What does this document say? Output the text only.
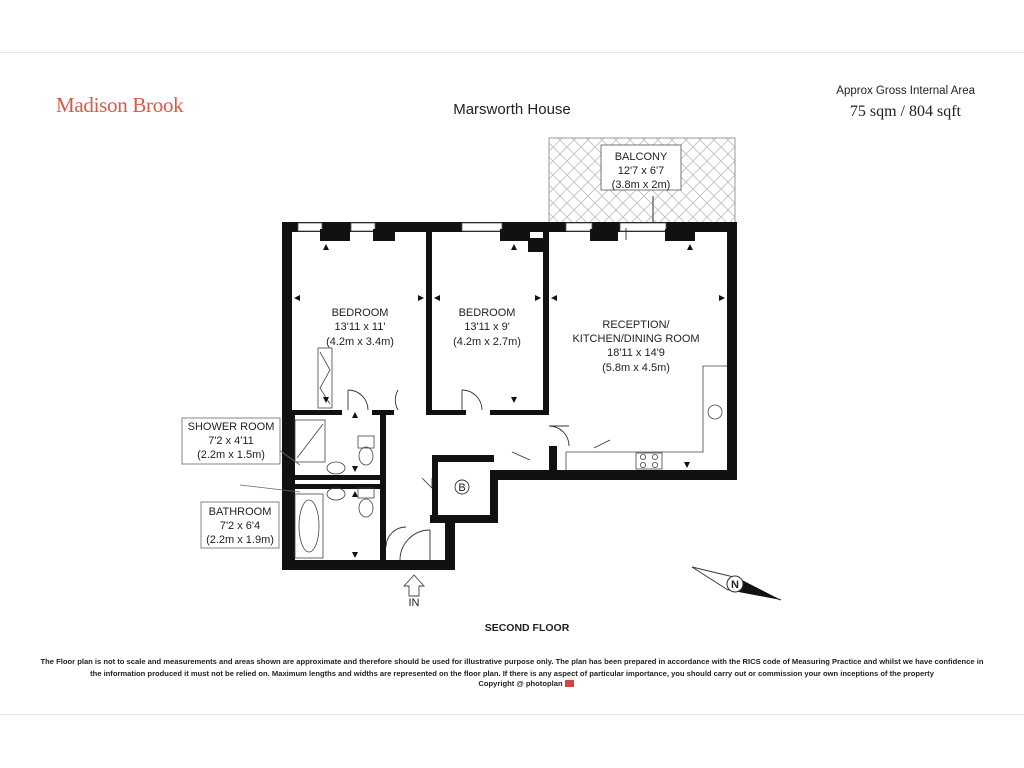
Madison Brook	Marsworth House
Approx Gross Internal Area
75 sqm / 804 sqft
B
BALCONY
12'7 x 6'7
(3.8m x 2m)
BEDROOM
13'11 x 11'
(4.2m x 3.4m)
BEDROOM
13'11 x 9'
(4.2m x 2.7m)
RECEPTION/
KITCHEN/DINING ROOM
18'11 x 14'9
(5.8m x 4.5m)
SHOWER ROOM
7'2 x 4'11
(2.2m x 1.5m)
BATHROOM
7'2 x 6'4
(2.2m x 1.9m)
IN
N
SECOND FLOOR
The Floor plan is not to scale and measurements and areas shown are approximate and therefore should be used for illustrative purpose only. The plan has been prepared in accordance with the RICS code of Measuring Practice and whilst we have confidence in the information produced it must not be relied on. Maximum lengths and widths are represented on the floor plan. If there is any aspect of particular importance, you should carry out or commission your own inceptions of the property
Copyright @ photoplan
